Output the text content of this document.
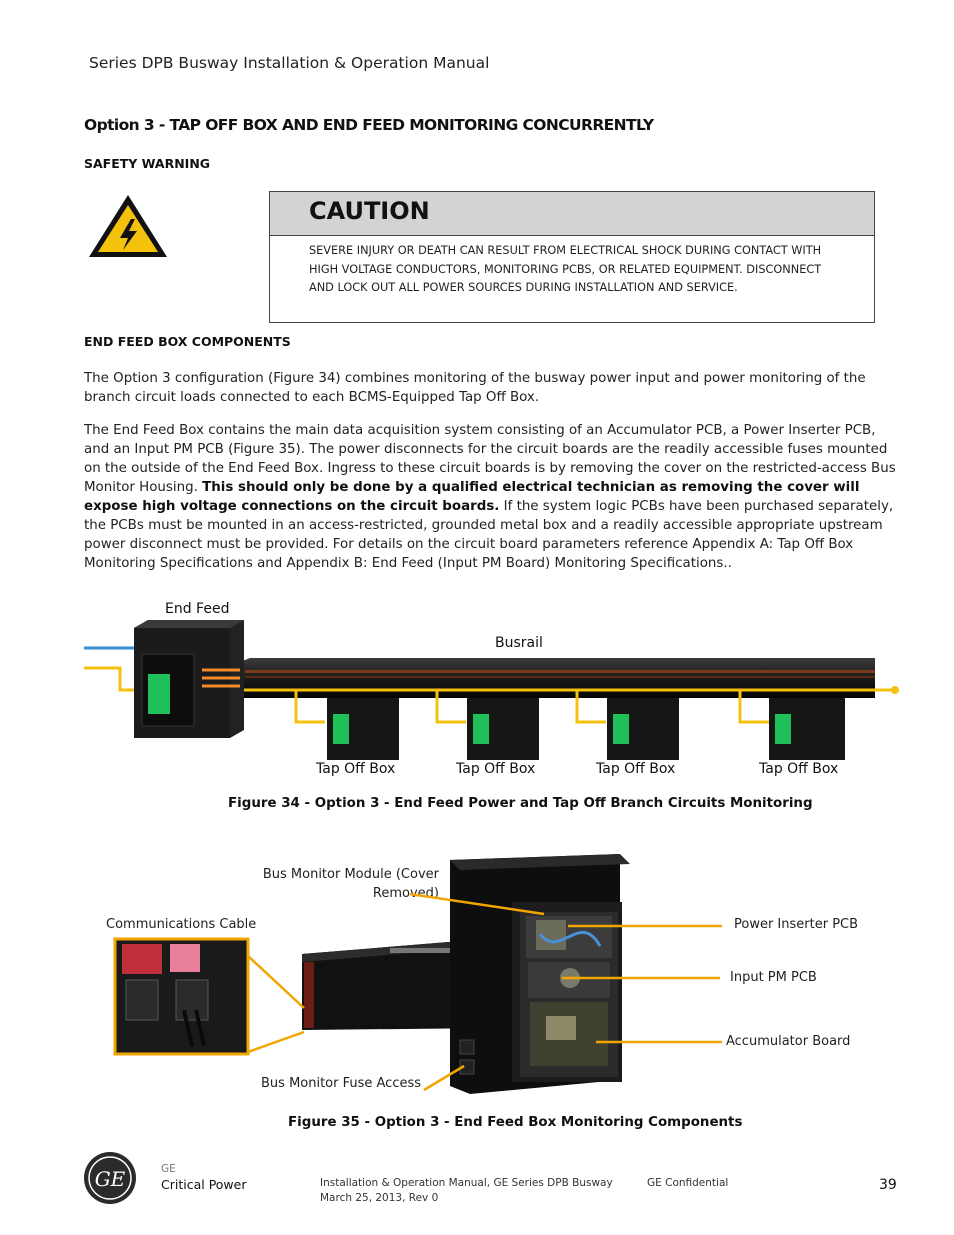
Series DPB Busway Installation & Operation Manual
Option 3 - TAP OFF BOX AND END FEED MONITORING CONCURRENTLY
SAFETY WARNING
CAUTION
SEVERE INJURY OR DEATH CAN RESULT FROM ELECTRICAL SHOCK DURING CONTACT WITH
HIGH VOLTAGE CONDUCTORS, MONITORING PCBS, OR RELATED EQUIPMENT. DISCONNECT
AND LOCK OUT ALL POWER SOURCES DURING INSTALLATION AND SERVICE.
END FEED BOX COMPONENTS
The Option 3 configuration (Figure 34) combines monitoring of the busway power input and power monitoring of the branch circuit loads connected to each BCMS-Equipped Tap Off Box.
The End Feed Box contains the main data acquisition system consisting of an Accumulator PCB, a Power Inserter PCB, and an Input PM PCB (Figure 35). The power disconnects for the circuit boards are the readily accessible fuses mounted on the outside of the End Feed Box. Ingress to these circuit boards is by removing the cover on the restricted-access Bus Monitor Housing. This should only be done by a qualified electrical technician as removing the cover will expose high voltage connections on the circuit boards. If the system logic PCBs have been purchased separately, the PCBs must be mounted in an access-restricted, grounded metal box and a readily accessible appropriate upstream power disconnect must be provided. For details on the circuit board parameters reference Appendix A: Tap Off Box Monitoring Specifications and Appendix B: End Feed (Input PM Board) Monitoring Specifications..
End Feed
Busrail
Tap Off Box	Tap Off Box	Tap Off Box	Tap Off Box
Figure 34 - Option 3 - End Feed Power and Tap Off Branch Circuits Monitoring
Bus Monitor Module (Cover Removed)
Communications Cable	Power Inserter PCB
Input PM PCB
Accumulator Board
Bus Monitor Fuse Access
Figure 35 - Option 3 - End Feed Box Monitoring Components
GE	GE
Critical Power	Installation & Operation Manual, GE Series DPB Busway
March 25, 2013, Rev 0
GE Confidential	39
